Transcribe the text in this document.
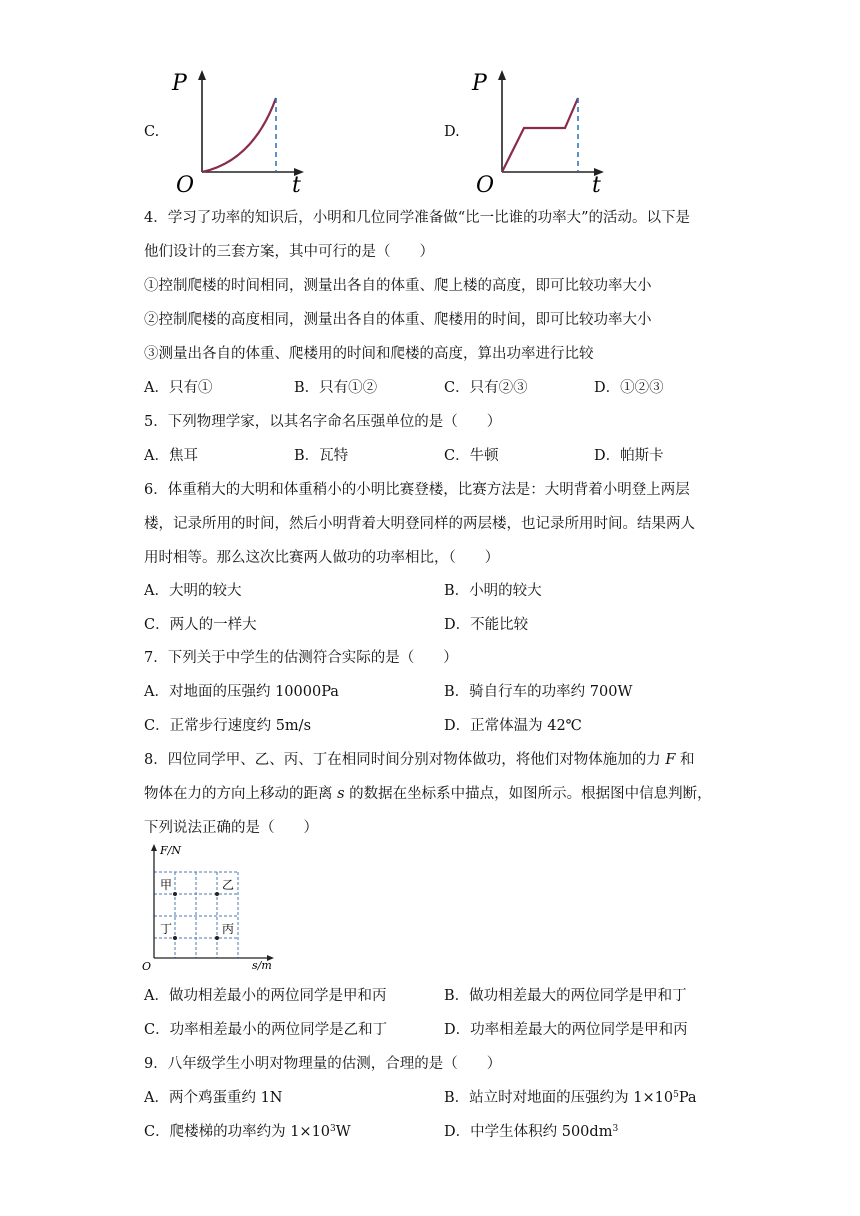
C.
P
O	t
D.
P
O	t
4．学习了功率的知识后，小明和几位同学准备做“比一比谁的功率大”的活动。以下是
他们设计的三套方案，其中可行的是（　　）
①控制爬楼的时间相同，测量出各自的体重、爬上楼的高度，即可比较功率大小
②控制爬楼的高度相同，测量出各自的体重、爬楼用的时间，即可比较功率大小
③测量出各自的体重、爬楼用的时间和爬楼的高度，算出功率进行比较
A．只有①	B．只有①②	C．只有②③	D．①②③
5．下列物理学家，以其名字命名压强单位的是（　　）
A．焦耳	B．瓦特	C．牛顿	D．帕斯卡
6．体重稍大的大明和体重稍小的小明比赛登楼，比赛方法是：大明背着小明登上两层
楼，记录所用的时间，然后小明背着大明登同样的两层楼，也记录所用时间。结果两人
用时相等。那么这次比赛两人做功的功率相比，（　　）
A．大明的较大	B．小明的较大
C．两人的一样大	D．不能比较
7．下列关于中学生的估测符合实际的是（　　）
A．对地面的压强约 10000Pa	B．骑自行车的功率约 700W
C．正常步行速度约 5m/s	D．正常体温为 42℃
8．四位同学甲、乙、丙、丁在相同时间分别对物体做功，将他们对物体施加的力 F 和
物体在力的方向上移动的距离 s 的数据在坐标系中描点，如图所示。根据图中信息判断，
下列说法正确的是（　　）
F/N
s/m
O
甲	乙
丁	丙
A．做功相差最小的两位同学是甲和丙	B．做功相差最大的两位同学是甲和丁
C．功率相差最小的两位同学是乙和丁	D．功率相差最大的两位同学是甲和丙
9．八年级学生小明对物理量的估测，合理的是（　　）
A．两个鸡蛋重约 1N	B．站立时对地面的压强约为 $1\times 10^5Pa$
C．爬楼梯的功率约为 $1\times 10^3W$	D．中学生体积约 $500dm^3$
